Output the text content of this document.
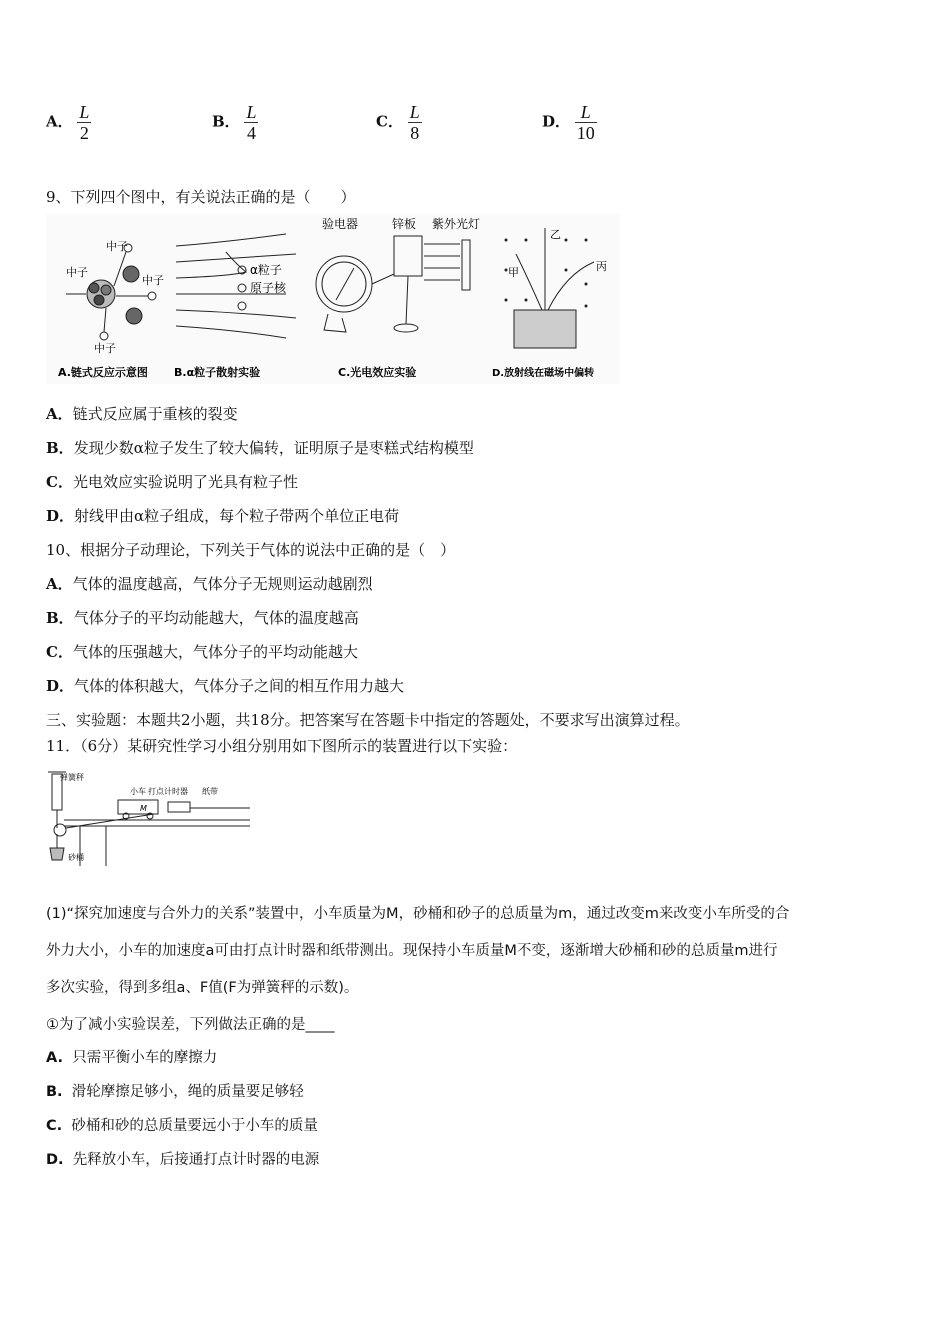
A． $\frac{L}{2}$	B． $\frac{L}{4}$	C． $\frac{L}{8}$	D． $\frac{L}{10}$
9、下列四个图中，有关说法正确的是（　　）
中子
中子
中子
中子
A.链式反应示意图
α粒子
原子核
B.α粒子散射实验
验电器	锌板 紫外光灯
C.光电效应实验
甲
乙
丙
D.放射线在磁场中偏转
A．链式反应属于重核的裂变
B．发现少数α粒子发生了较大偏转，证明原子是枣糕式结构模型
C．光电效应实验说明了光具有粒子性
D．射线甲由α粒子组成，每个粒子带两个单位正电荷
10、根据分子动理论，下列关于气体的说法中正确的是（　）
A．气体的温度越高，气体分子无规则运动越剧烈
B．气体分子的平均动能越大，气体的温度越高
C．气体的压强越大，气体分子的平均动能越大
D．气体的体积越大，气体分子之间的相互作用力越大
三、实验题：本题共2小题，共18分。把答案写在答题卡中指定的答题处，不要求写出演算过程。
11．（6分）某研究性学习小组分别用如下图所示的装置进行以下实验：
弹簧秤
小车 打点计时器 纸带
M
砂桶
(1)“探究加速度与合外力的关系”装置中，小车质量为M，砂桶和砂子的总质量为m，通过改变m来改变小车所受的合
外力大小，小车的加速度a可由打点计时器和纸带测出。现保持小车质量M不变，逐渐增大砂桶和砂的总质量m进行
多次实验，得到多组a、F值(F为弹簧秤的示数)。
①为了减小实验误差，下列做法正确的是____
A. 只需平衡小车的摩擦力
B. 滑轮摩擦足够小，绳的质量要足够轻
C. 砂桶和砂的总质量要远小于小车的质量
D. 先释放小车，后接通打点计时器的电源
